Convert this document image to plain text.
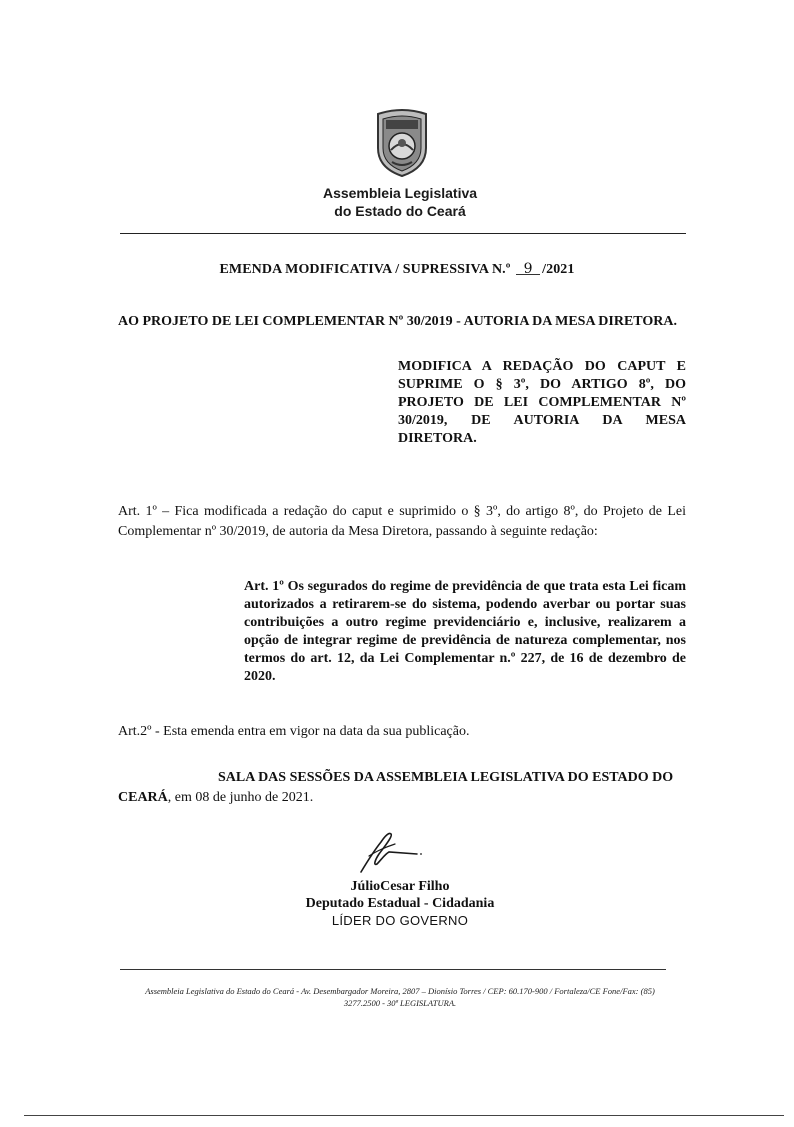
Assembleia Legislativa
do Estado do Ceará
EMENDA MODIFICATIVA / SUPRESSIVA N.º 9 /2021
AO PROJETO DE LEI COMPLEMENTAR Nº 30/2019 - AUTORIA DA MESA DIRETORA.
MODIFICA A REDAÇÃO DO CAPUT E SUPRIME O § 3º, DO ARTIGO 8º, DO PROJETO DE LEI COMPLEMENTAR Nº 30/2019, DE AUTORIA DA MESA DIRETORA.
Art. 1º – Fica modificada a redação do caput e suprimido o § 3º, do artigo 8º, do Projeto de Lei Complementar nº 30/2019, de autoria da Mesa Diretora, passando à seguinte redação:
Art. 1º Os segurados do regime de previdência de que trata esta Lei ficam autorizados a retirarem-se do sistema, podendo averbar ou portar suas contribuições a outro regime previdenciário e, inclusive, realizarem a opção de integrar regime de previdência de natureza complementar, nos termos do art. 12, da Lei Complementar n.º 227, de 16 de dezembro de 2020.
Art.2º - Esta emenda entra em vigor na data da sua publicação.
SALA DAS SESSÕES DA ASSEMBLEIA LEGISLATIVA DO ESTADO DO
CEARÁ, em 08 de junho de 2021.
JúlioCesar Filho
Deputado Estadual - Cidadania
LÍDER DO GOVERNO
Assembleia Legislativa do Estado do Ceará - Av. Desembargador Moreira, 2807 – Dionísio Torres / CEP: 60.170-900 / Fortaleza/CE Fone/Fax: (85)
3277.2500 - 30ª LEGISLATURA.
